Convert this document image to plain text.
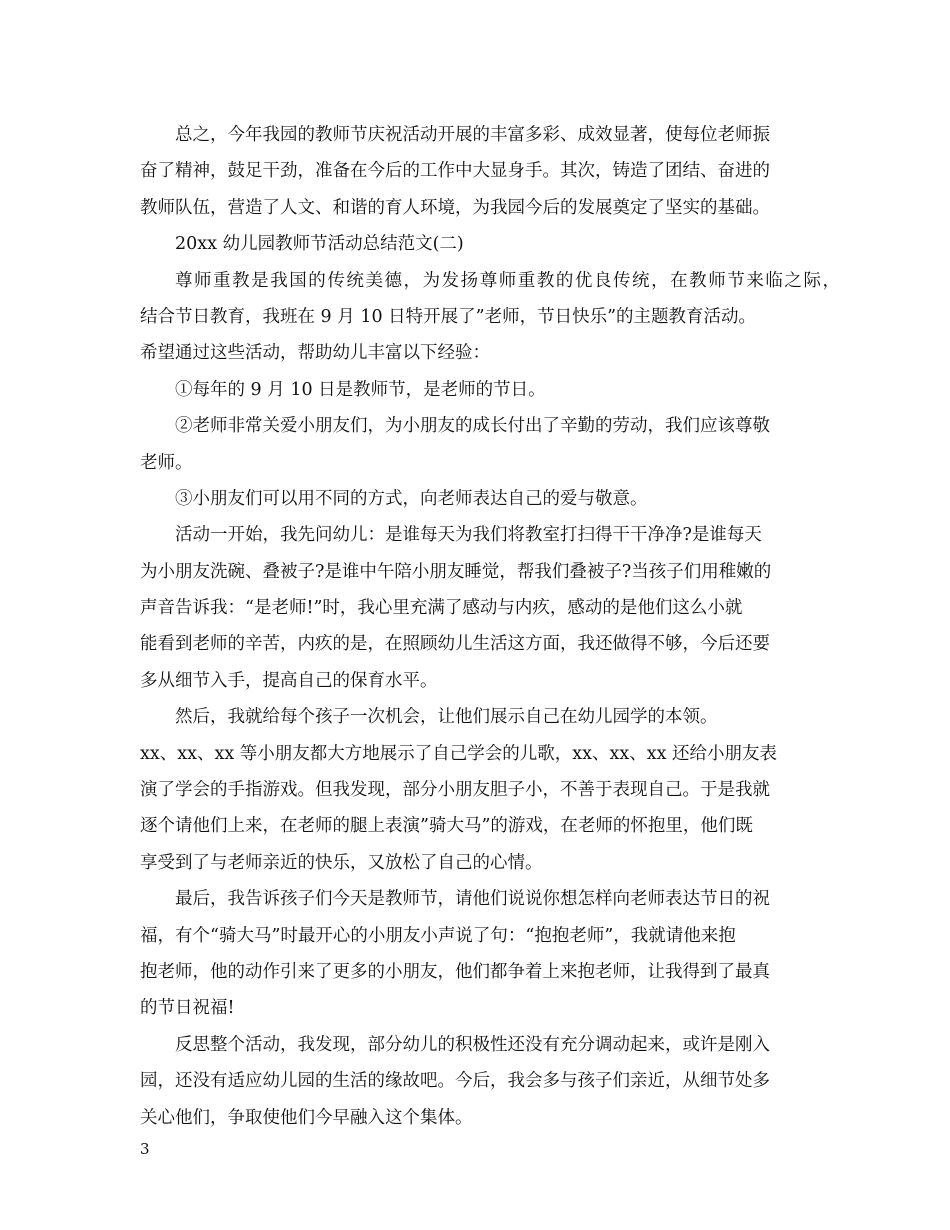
总之，今年我园的教师节庆祝活动开展的丰富多彩、成效显著，使每位老师振
奋了精神，鼓足干劲，准备在今后的工作中大显身手。其次，铸造了团结、奋进的
教师队伍，营造了人文、和谐的育人环境，为我园今后的发展奠定了坚实的基础。
20xx 幼儿园教师节活动总结范文(二)
尊师重教是我国的传统美德，为发扬尊师重教的优良传统，在教师节来临之际，
结合节日教育，我班在 9 月 10 日特开展了”老师，节日快乐”的主题教育活动。
希望通过这些活动，帮助幼儿丰富以下经验：
①每年的 9 月 10 日是教师节，是老师的节日。
②老师非常关爱小朋友们，为小朋友的成长付出了辛勤的劳动，我们应该尊敬
老师。
③小朋友们可以用不同的方式，向老师表达自己的爱与敬意。
活动一开始，我先问幼儿：是谁每天为我们将教室打扫得干干净净?是谁每天
为小朋友洗碗、叠被子?是谁中午陪小朋友睡觉，帮我们叠被子?当孩子们用稚嫩的
声音告诉我：“是老师!”时，我心里充满了感动与内疚，感动的是他们这么小就
能看到老师的辛苦，内疚的是，在照顾幼儿生活这方面，我还做得不够，今后还要
多从细节入手，提高自己的保育水平。
然后，我就给每个孩子一次机会，让他们展示自己在幼儿园学的本领。
xx、xx、xx 等小朋友都大方地展示了自己学会的儿歌，xx、xx、xx 还给小朋友表
演了学会的手指游戏。但我发现，部分小朋友胆子小，不善于表现自己。于是我就
逐个请他们上来，在老师的腿上表演”骑大马”的游戏，在老师的怀抱里，他们既
享受到了与老师亲近的快乐，又放松了自己的心情。
最后，我告诉孩子们今天是教师节，请他们说说你想怎样向老师表达节日的祝
福，有个“骑大马”时最开心的小朋友小声说了句：“抱抱老师”，我就请他来抱
抱老师，他的动作引来了更多的小朋友，他们都争着上来抱老师，让我得到了最真
的节日祝福!
反思整个活动，我发现，部分幼儿的积极性还没有充分调动起来，或许是刚入
园，还没有适应幼儿园的生活的缘故吧。今后，我会多与孩子们亲近，从细节处多
关心他们，争取使他们今早融入这个集体。
3
